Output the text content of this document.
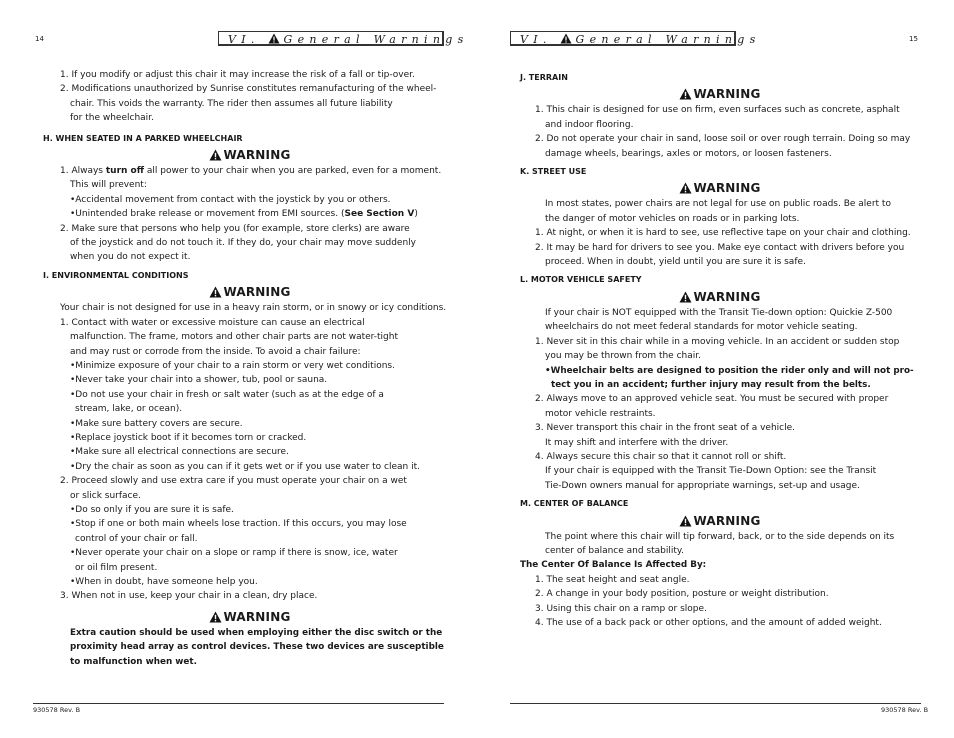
14	VI. General Warnings
1. If you modify or adjust this chair it may increase the risk of a fall or tip-over.
2. Modifications unauthorized by Sunrise constitutes remanufacturing of the wheel-
chair. This voids the warranty. The rider then assumes all future liability
for the wheelchair.
H. WHEN SEATED IN A PARKED WHEELCHAIR
WARNING
1. Always turn off all power to your chair when you are parked, even for a moment.
This will prevent:
•Accidental movement from contact with the joystick by you or others.
•Unintended brake release or movement from EMI sources. (See Section V)
2. Make sure that persons who help you (for example, store clerks) are aware
of the joystick and do not touch it. If they do, your chair may move suddenly
when you do not expect it.
I. ENVIRONMENTAL CONDITIONS
WARNING
Your chair is not designed for use in a heavy rain storm, or in snowy or icy conditions.
1. Contact with water or excessive moisture can cause an electrical
malfunction. The frame, motors and other chair parts are not water-tight
and may rust or corrode from the inside. To avoid a chair failure:
•Minimize exposure of your chair to a rain storm or very wet conditions.
•Never take your chair into a shower, tub, pool or sauna.
•Do not use your chair in fresh or salt water (such as at the edge of a
stream, lake, or ocean).
•Make sure battery covers are secure.
•Replace joystick boot if it becomes torn or cracked.
•Make sure all electrical connections are secure.
•Dry the chair as soon as you can if it gets wet or if you use water to clean it.
2. Proceed slowly and use extra care if you must operate your chair on a wet
or slick surface.
•Do so only if you are sure it is safe.
•Stop if one or both main wheels lose traction. If this occurs, you may lose
control of your chair or fall.
•Never operate your chair on a slope or ramp if there is snow, ice, water
or oil film present.
•When in doubt, have someone help you.
3. When not in use, keep your chair in a clean, dry place.
WARNING
Extra caution should be used when employing either the disc switch or the
proximity head array as control devices. These two devices are susceptible
to malfunction when wet.
930578 Rev. B
15
VI. General Warnings
J. TERRAIN
WARNING
1. This chair is designed for use on firm, even surfaces such as concrete, asphalt
and indoor flooring.
2. Do not operate your chair in sand, loose soil or over rough terrain. Doing so may
damage wheels, bearings, axles or motors, or loosen fasteners.
K. STREET USE
WARNING
In most states, power chairs are not legal for use on public roads. Be alert to
the danger of motor vehicles on roads or in parking lots.
1. At night, or when it is hard to see, use reflective tape on your chair and clothing.
2. It may be hard for drivers to see you. Make eye contact with drivers before you
proceed. When in doubt, yield until you are sure it is safe.
L. MOTOR VEHICLE SAFETY
WARNING
If your chair is NOT equipped with the Transit Tie-down option: Quickie Z-500
wheelchairs do not meet federal standards for motor vehicle seating.
1. Never sit in this chair while in a moving vehicle. In an accident or sudden stop
you may be thrown from the chair.
•Wheelchair belts are designed to position the rider only and will not pro-
tect you in an accident; further injury may result from the belts.
2. Always move to an approved vehicle seat. You must be secured with proper
motor vehicle restraints.
3. Never transport this chair in the front seat of a vehicle.
It may shift and interfere with the driver.
4. Always secure this chair so that it cannot roll or shift.
If your chair is equipped with the Transit Tie-Down Option: see the Transit
Tie-Down owners manual for appropriate warnings, set-up and usage.
M. CENTER OF BALANCE
WARNING
The point where this chair will tip forward, back, or to the side depends on its
center of balance and stability.
The Center Of Balance Is Affected By:
1. The seat height and seat angle.
2. A change in your body position, posture or weight distribution.
3. Using this chair on a ramp or slope.
4. The use of a back pack or other options, and the amount of added weight.
930578 Rev. B
